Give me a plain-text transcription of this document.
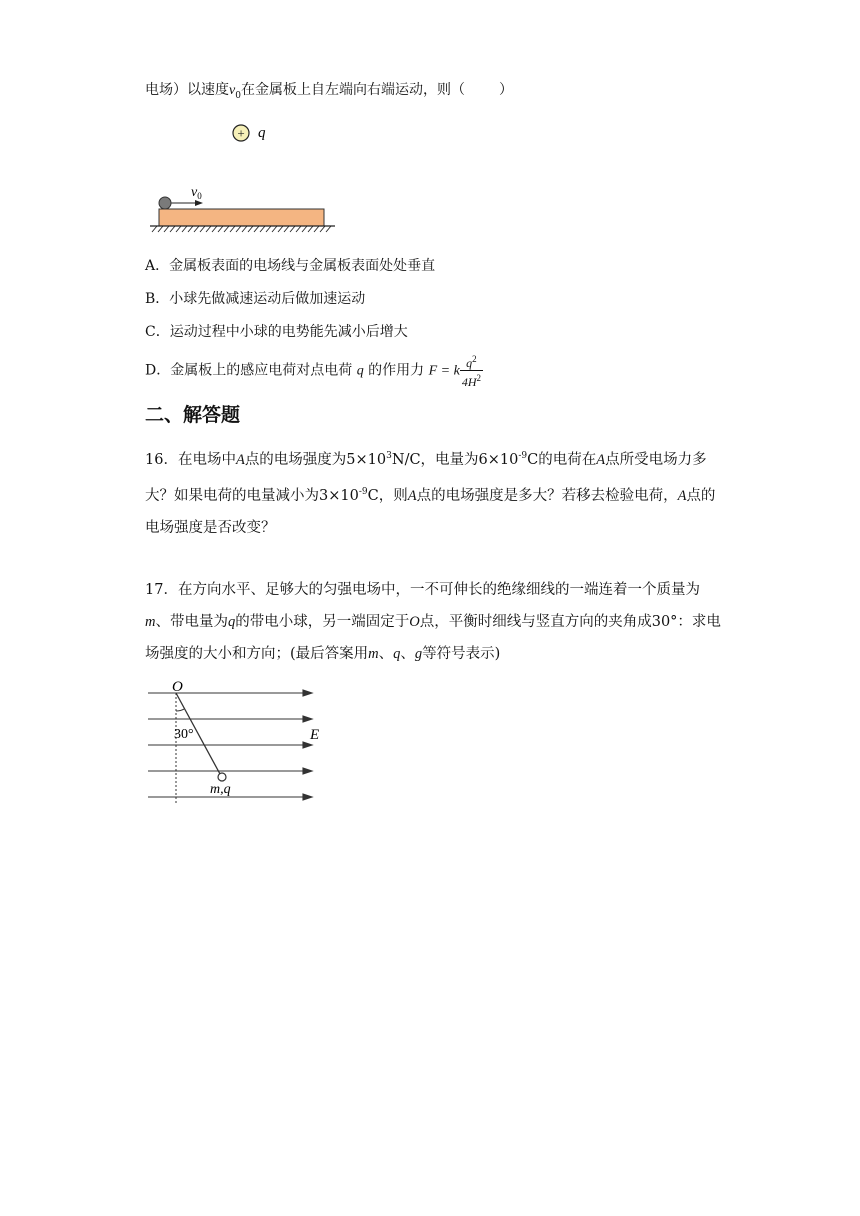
电场）以速度$v_0$在金属板上自左端向右端运动，则（ ）
+ q
$v_0$
A．金属板表面的电场线与金属板表面处处垂直
B．小球先做减速运动后做加速运动
C．运动过程中小球的电势能先减小后增大
D．金属板上的感应电荷对点电荷 q 的作用力 F = k $\frac{q^2}{4H^2}$
二、解答题
16．在电场中A点的电场强度为$5\times 10^3N/C$，电量为$6\times 10^{-9}C$的电荷在A点所受电场力多大？如果电荷的电量减小为$3\times 10^{-9}C$，则A点的电场强度是多大？若移去检验电荷，A点的电场强度是否改变？
17．在方向水平、足够大的匀强电场中，一不可伸长的绝缘细线的一端连着一个质量为m、带电量为q的带电小球，另一端固定于O点，平衡时细线与竖直方向的夹角成30°：求电场强度的大小和方向；(最后答案用m、q、g等符号表示)
O
30°	E
m,q
